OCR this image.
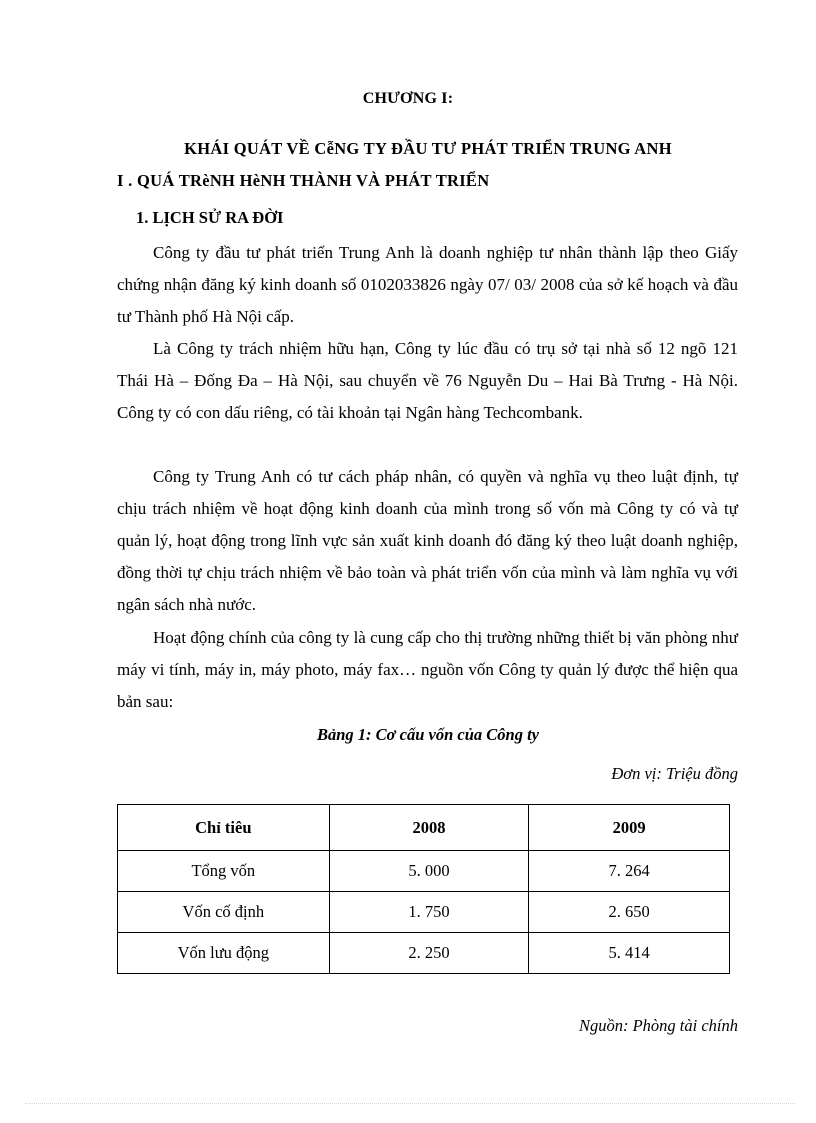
CHƯƠNG I:
KHÁI QUÁT VỀ CễNG TY ĐẦU TƯ PHÁT TRIỂN TRUNG ANH
I . QUÁ TRèNH HèNH THÀNH VÀ PHÁT TRIỂN
1. LỊCH SỬ RA ĐỜI

Công ty đầu tư phát triển Trung Anh là doanh nghiệp tư nhân thành lập theo Giấy chứng nhận đăng ký kinh doanh số 0102033826 ngày 07/ 03/ 2008 của sở kế hoạch và đầu tư Thành phố Hà Nội cấp.

Là Công ty trách nhiệm hữu hạn, Công ty lúc đầu có trụ sở tại nhà số 12 ngõ 121 Thái Hà – Đống Đa – Hà Nội, sau chuyển về 76 Nguyễn Du – Hai Bà Trưng - Hà Nội. Công ty có con dấu riêng, có tài khoản tại Ngân hàng Techcombank.

Công ty Trung Anh có tư cách pháp nhân, có quyền và nghĩa vụ theo luật định, tự chịu trách nhiệm về hoạt động kinh doanh của mình trong số vốn mà Công ty có và tự quản lý, hoạt động trong lĩnh vực sản xuất kinh doanh đó đăng ký theo luật doanh nghiệp, đồng thời tự chịu trách nhiệm về bảo toàn và phát triển vốn của mình và làm nghĩa vụ với ngân sách nhà nước.

Hoạt động chính của công ty là cung cấp cho thị trường những thiết bị văn phòng như máy vi tính, máy in, máy photo, máy fax… nguồn vốn Công ty quản lý được thể hiện qua bản sau:

Bảng 1: Cơ cấu vốn của Công ty
Đơn vị: Triệu đồng
Chỉ tiêu	2008	2009
Tổng vốn	5. 000	7. 264
Vốn cố định	1. 750	2. 650
Vốn lưu động	2. 250	5. 414
Nguồn: Phòng tài chính
